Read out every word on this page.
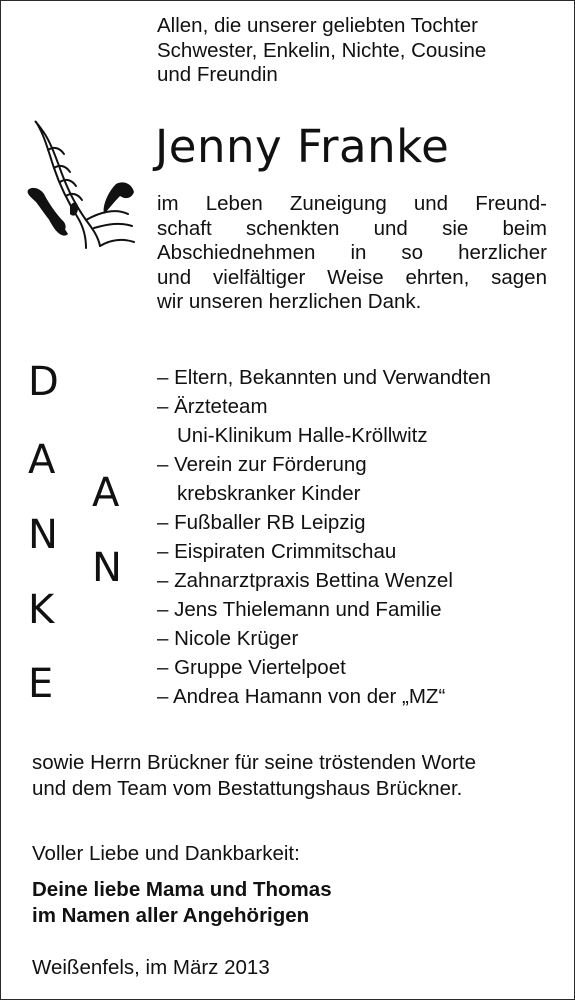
Allen, die unserer geliebten Tochter
Schwester, Enkelin, Nichte, Cousine
und Freundin
Jenny Franke
im Leben Zuneigung und Freund-
schaft schenkten und sie beim
Abschiednehmen in so herzlicher
und vielfältiger Weise ehrten, sagen
wir unseren herzlichen Dank.
D
A
N
K
E
A
N
– Eltern, Bekannten und Verwandten
– Ärzteteam
Uni-Klinikum Halle-Kröllwitz
– Verein zur Förderung
krebskranker Kinder
– Fußballer RB Leipzig
– Eispiraten Crimmitschau
– Zahnarztpraxis Bettina Wenzel
– Jens Thielemann und Familie
– Nicole Krüger
– Gruppe Viertelpoet
– Andrea Hamann von der „MZ“
sowie Herrn Brückner für seine tröstenden Worte
und dem Team vom Bestattungshaus Brückner.
Voller Liebe und Dankbarkeit:
Deine liebe Mama und Thomas
im Namen aller Angehörigen
Weißenfels, im März 2013
